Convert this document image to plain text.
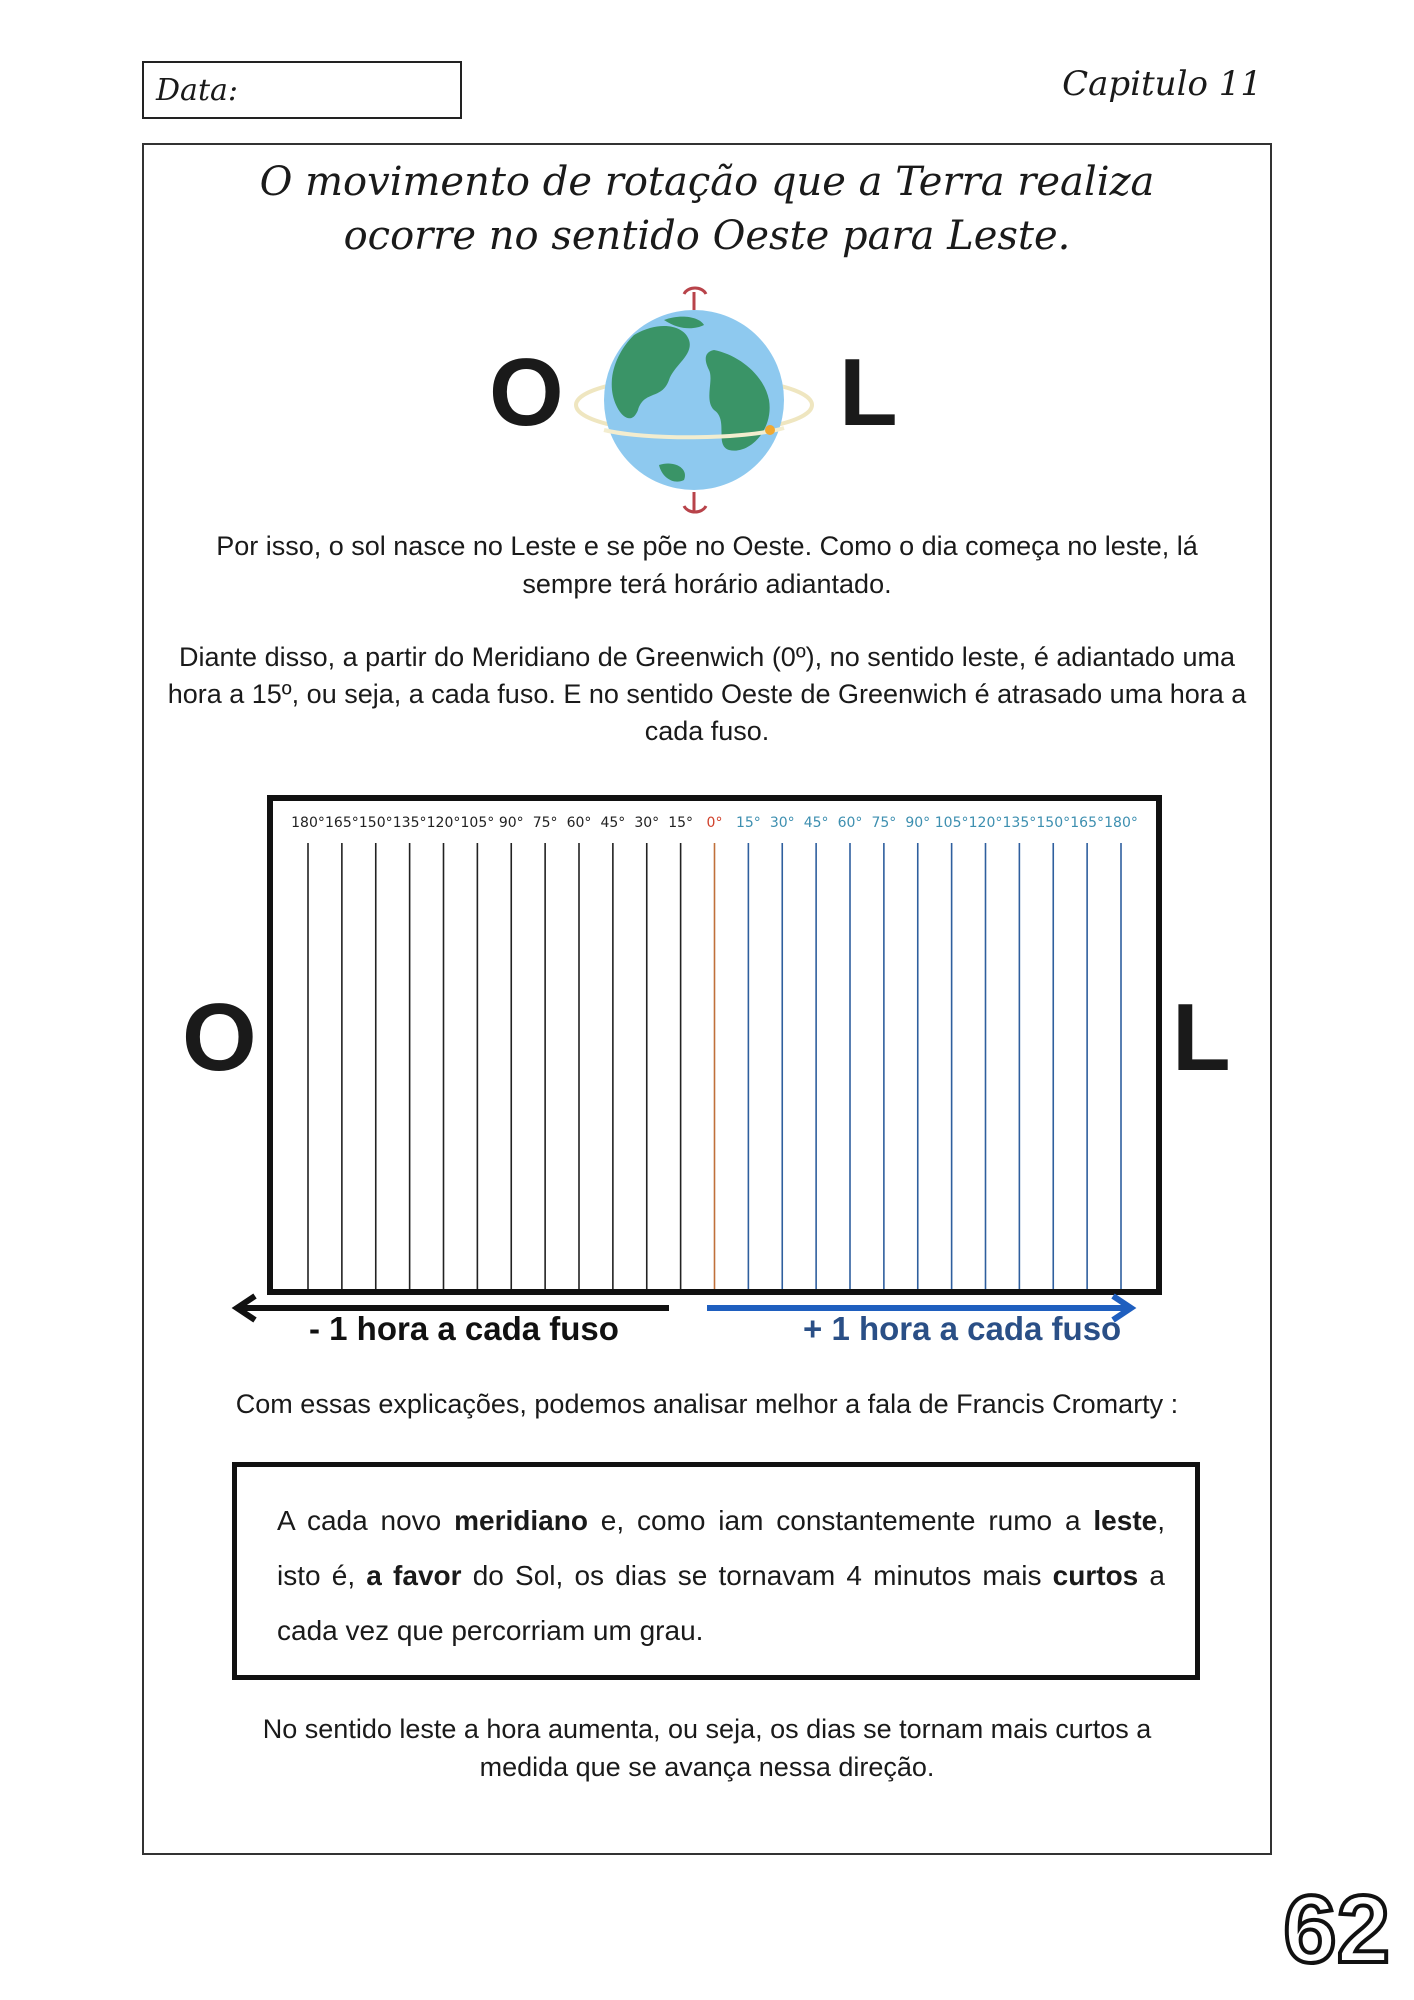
Data:	Capitulo 11
O movimento de rotação que a Terra realiza ocorre no sentido Oeste para Leste.
O	L
Por isso, o sol nasce no Leste e se põe no Oeste. Como o dia começa no leste, lá sempre terá horário adiantado.
Diante disso, a partir do Meridiano de Greenwich (0º), no sentido leste, é adiantado uma hora a 15º, ou seja, a cada fuso. E no sentido Oeste de Greenwich é atrasado uma hora a cada fuso.
O
180° 165° 150° 135° 120° 105° 90° 75° 60° 45° 30° 15° 0° 15° 30° 45° 60° 75° 90° 105° 120° 135° 150° 165° 180°
L
- 1 hora a cada fuso	+ 1 hora a cada fuso
Com essas explicações, podemos analisar melhor a fala de Francis Cromarty :
A cada novo meridiano e, como iam constantemente rumo a leste, isto é, a favor do Sol, os dias se tornavam 4 minutos mais curtos a cada vez que percorriam um grau.
No sentido leste a hora aumenta, ou seja, os dias se tornam mais curtos a medida que se avança nessa direção.
62
